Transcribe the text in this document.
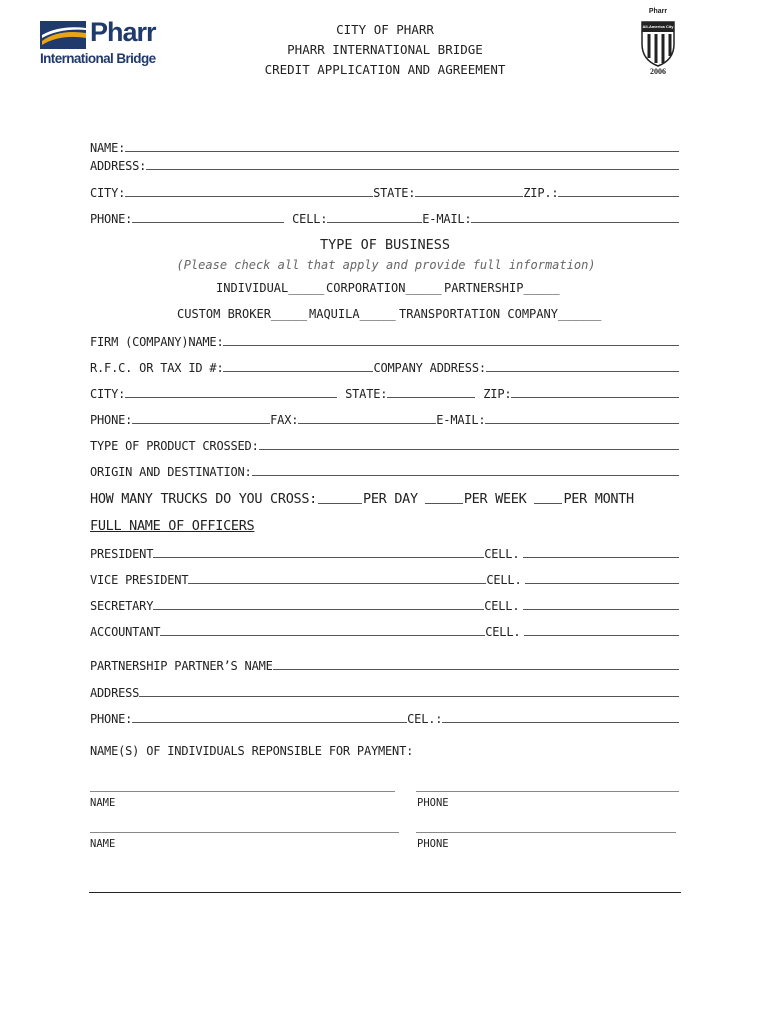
Pharr
International Bridge
CITY OF PHARR
PHARR INTERNATIONAL BRIDGE
CREDIT APPLICATION AND AGREEMENT
Pharr
All-America City
2006
NAME:
ADDRESS:
CITY:	STATE:	ZIP.:
PHONE:	CELL:	E-MAIL:
TYPE OF BUSINESS
(Please check all that apply and provide full information)
INDIVIDUAL_____ CORPORATION_____ PARTNERSHIP_____
CUSTOM BROKER_____ MAQUILA_____ TRANSPORTATION COMPANY______
FIRM (COMPANY)NAME:
R.F.C. OR TAX ID #:	COMPANY ADDRESS:
CITY:	STATE:	ZIP:
PHONE:	FAX:	E-MAIL:
TYPE OF PRODUCT CROSSED:
ORIGIN AND DESTINATION:
HOW MANY TRUCKS DO YOU CROSS:	PER DAY	PER WEEK	PER MONTH
FULL NAME OF OFFICERS
PRESIDENT	CELL.
VICE PRESIDENT	CELL.
SECRETARY	CELL.
ACCOUNTANT	CELL.
PARTNERSHIP PARTNER’S NAME
ADDRESS
PHONE:	CEL.:
NAME(S) OF INDIVIDUALS REPONSIBLE FOR PAYMENT:
NAME	PHONE
NAME	PHONE
